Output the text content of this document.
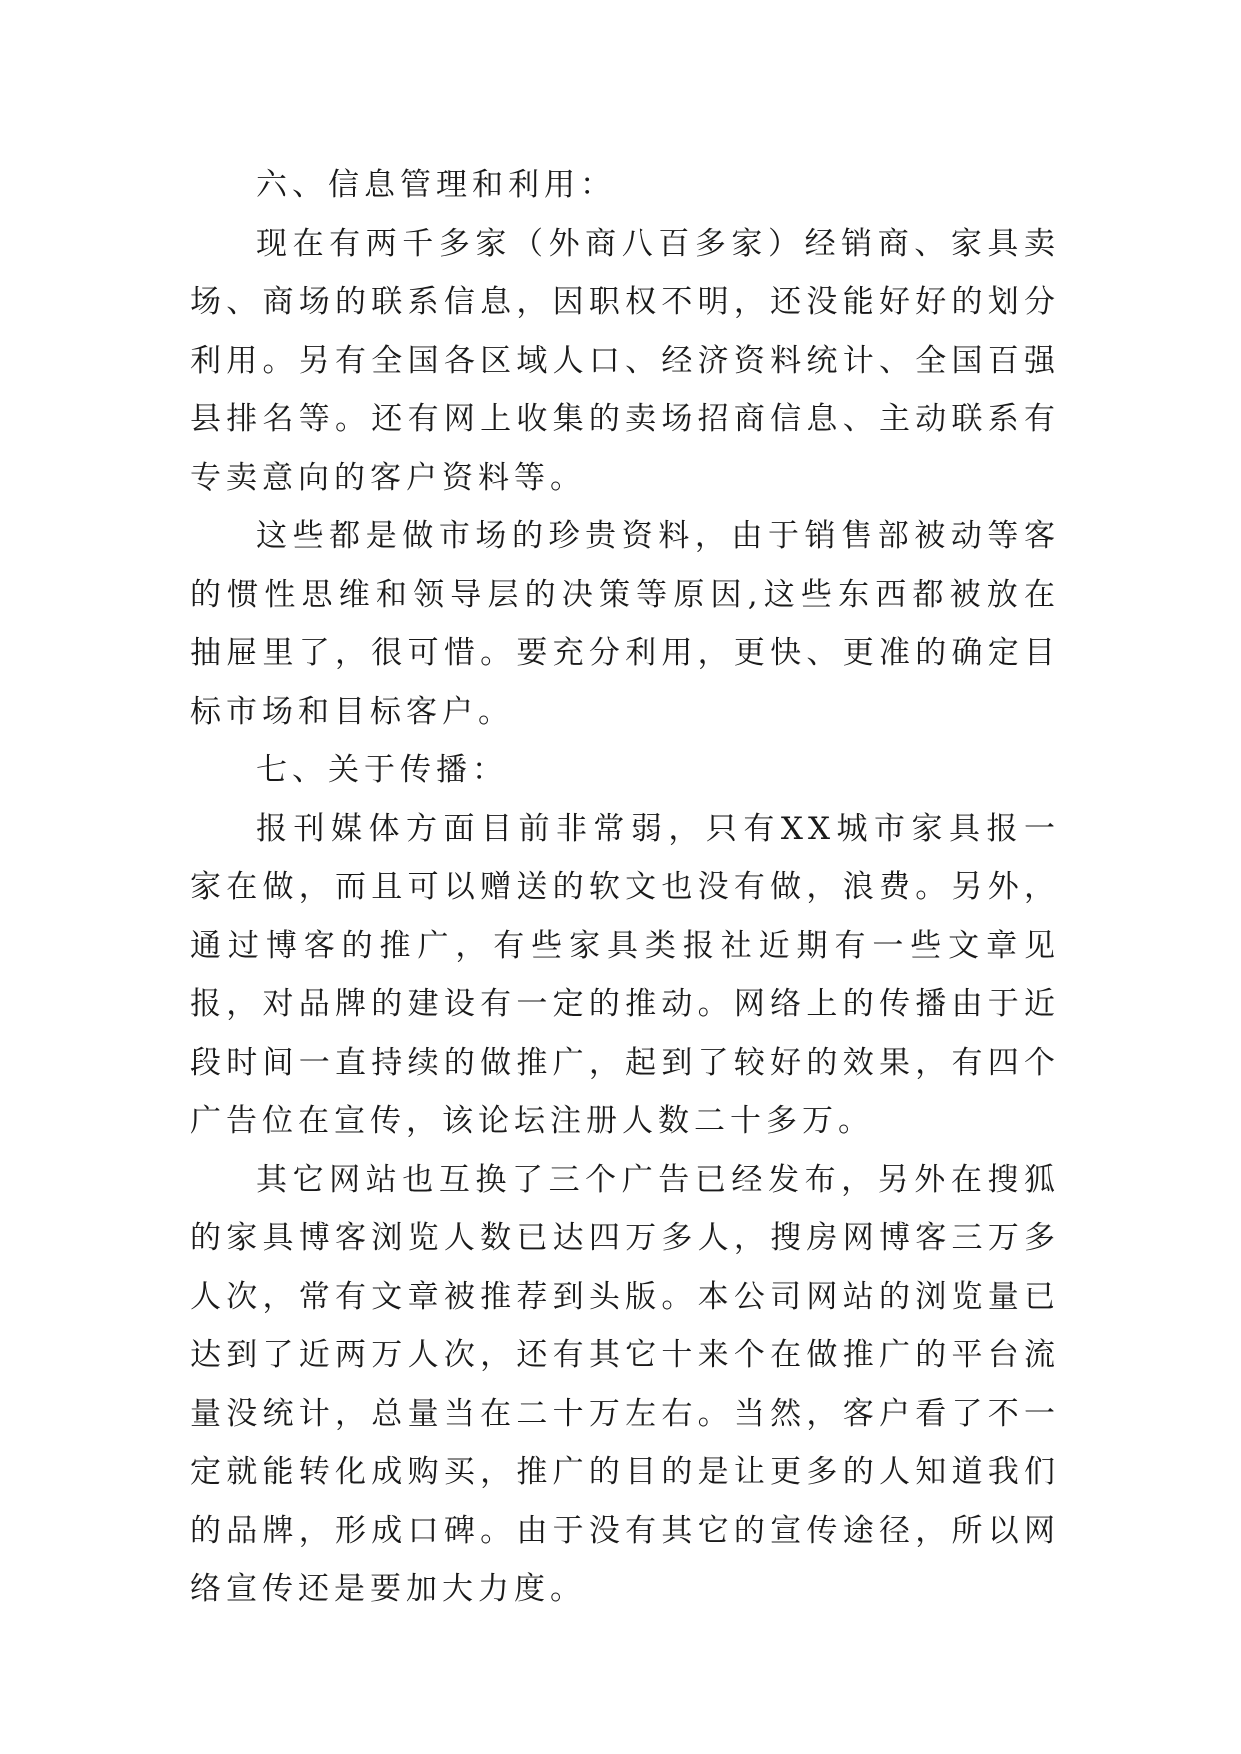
六、信息管理和利用：

现在有两千多家（外商八百多家）经销商、家具卖场、商场的联系信息，因职权不明，还没能好好的划分利用。另有全国各区域人口、经济资料统计、全国百强县排名等。还有网上收集的卖场招商信息、主动联系有专卖意向的客户资料等。

这些都是做市场的珍贵资料，由于销售部被动等客的惯性思维和领导层的决策等原因,这些东西都被放在抽屉里了，很可惜。要充分利用，更快、更准的确定目标市场和目标客户。

七、关于传播：

报刊媒体方面目前非常弱，只有XX城市家具报一家在做，而且可以赠送的软文也没有做，浪费。另外，通过博客的推广，有些家具类报社近期有一些文章见报，对品牌的建设有一定的推动。网络上的传播由于近段时间一直持续的做推广，起到了较好的效果，有四个广告位在宣传，该论坛注册人数二十多万。

其它网站也互换了三个广告已经发布，另外在搜狐的家具博客浏览人数已达四万多人，搜房网博客三万多人次，常有文章被推荐到头版。本公司网站的浏览量已达到了近两万人次，还有其它十来个在做推广的平台流量没统计，总量当在二十万左右。当然，客户看了不一定就能转化成购买，推广的目的是让更多的人知道我们的品牌，形成口碑。由于没有其它的宣传途径，所以网络宣传还是要加大力度。
